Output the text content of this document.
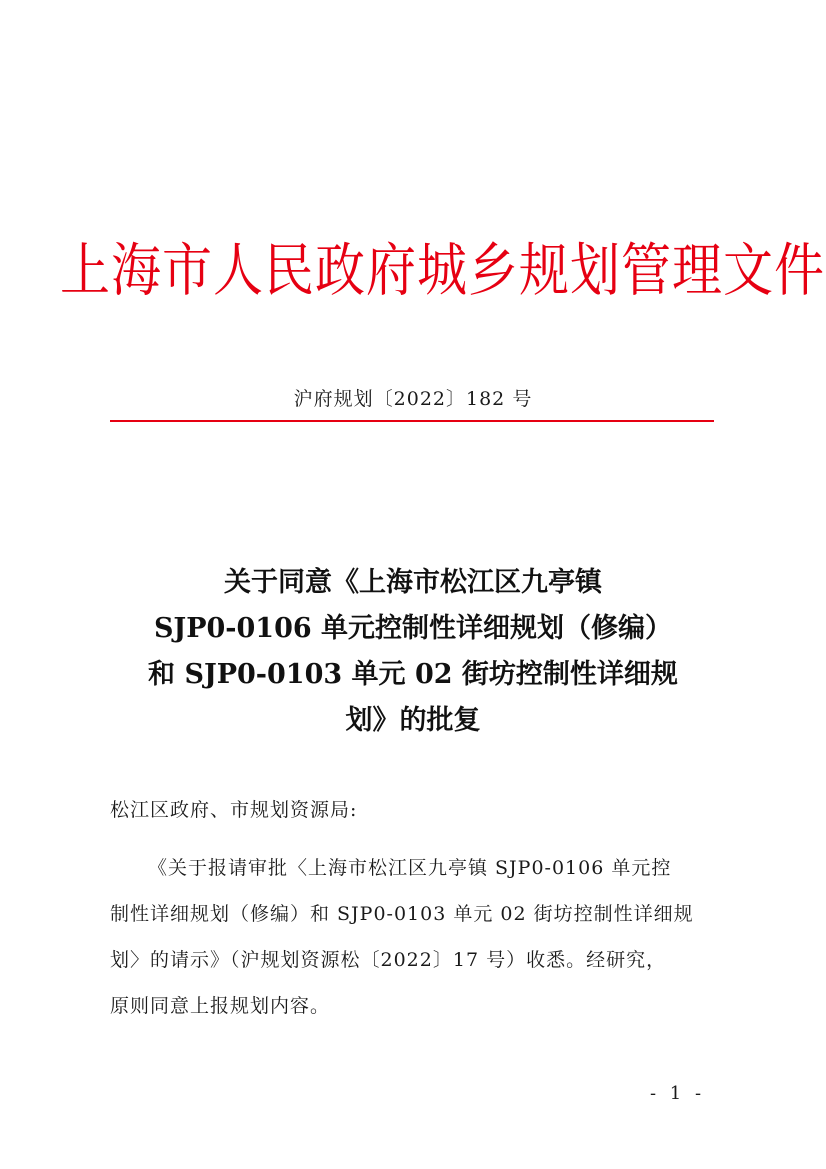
上海市人民政府城乡规划管理文件
沪府规划〔2022〕182 号
关于同意《上海市松江区九亭镇
SJP0-0106 单元控制性详细规划（修编）
和 SJP0-0103 单元 02 街坊控制性详细规
划》的批复
松江区政府、市规划资源局:
《关于报请审批〈上海市松江区九亭镇 SJP0-0106 单元控
制性详细规划（修编）和 SJP0-0103 单元 02 街坊控制性详细规
划〉的请示》（沪规划资源松〔2022〕17 号）收悉。经研究，
原则同意上报规划内容。
- 1 -
